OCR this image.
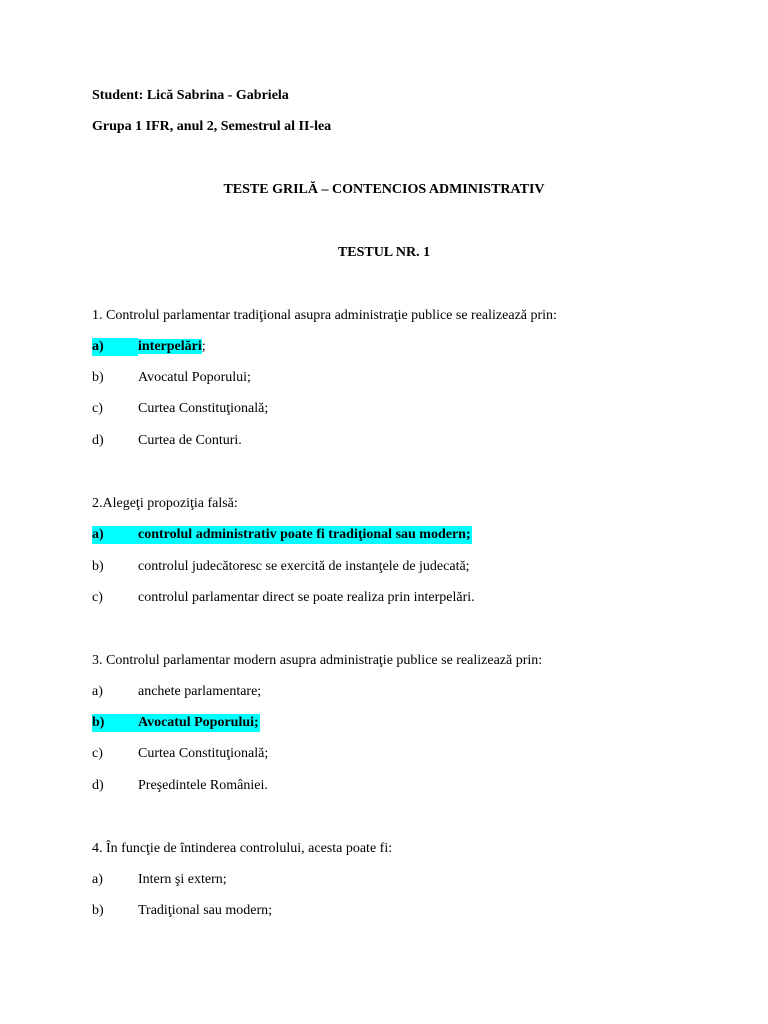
Student: Lică Sabrina - Gabriela
Grupa 1 IFR, anul 2, Semestrul al II-lea
TESTE GRILĂ – CONTENCIOS ADMINISTRATIV
TESTUL NR. 1
1. Controlul parlamentar tradiţional asupra administraţie publice se realizează prin:
a) interpelări;
b) Avocatul Poporului;
c)	Curtea Constituţională;
d) Curtea de Conturi.
2.Alegeţi propoziţia falsă:
a) controlul administrativ poate fi tradiţional sau modern;
b) controlul judecătoresc se exercită de instanţele de judecată;
c)	controlul parlamentar direct se poate realiza prin interpelări.
3. Controlul parlamentar modern asupra administraţie publice se realizează prin:
a)	anchete parlamentare;
b) Avocatul Poporului;
c)	Curtea Constituţională;
d) Preşedintele României.
4. În funcţie de întinderea controlului, acesta poate fi:
a)	Intern şi extern;
b) Tradiţional sau modern;
